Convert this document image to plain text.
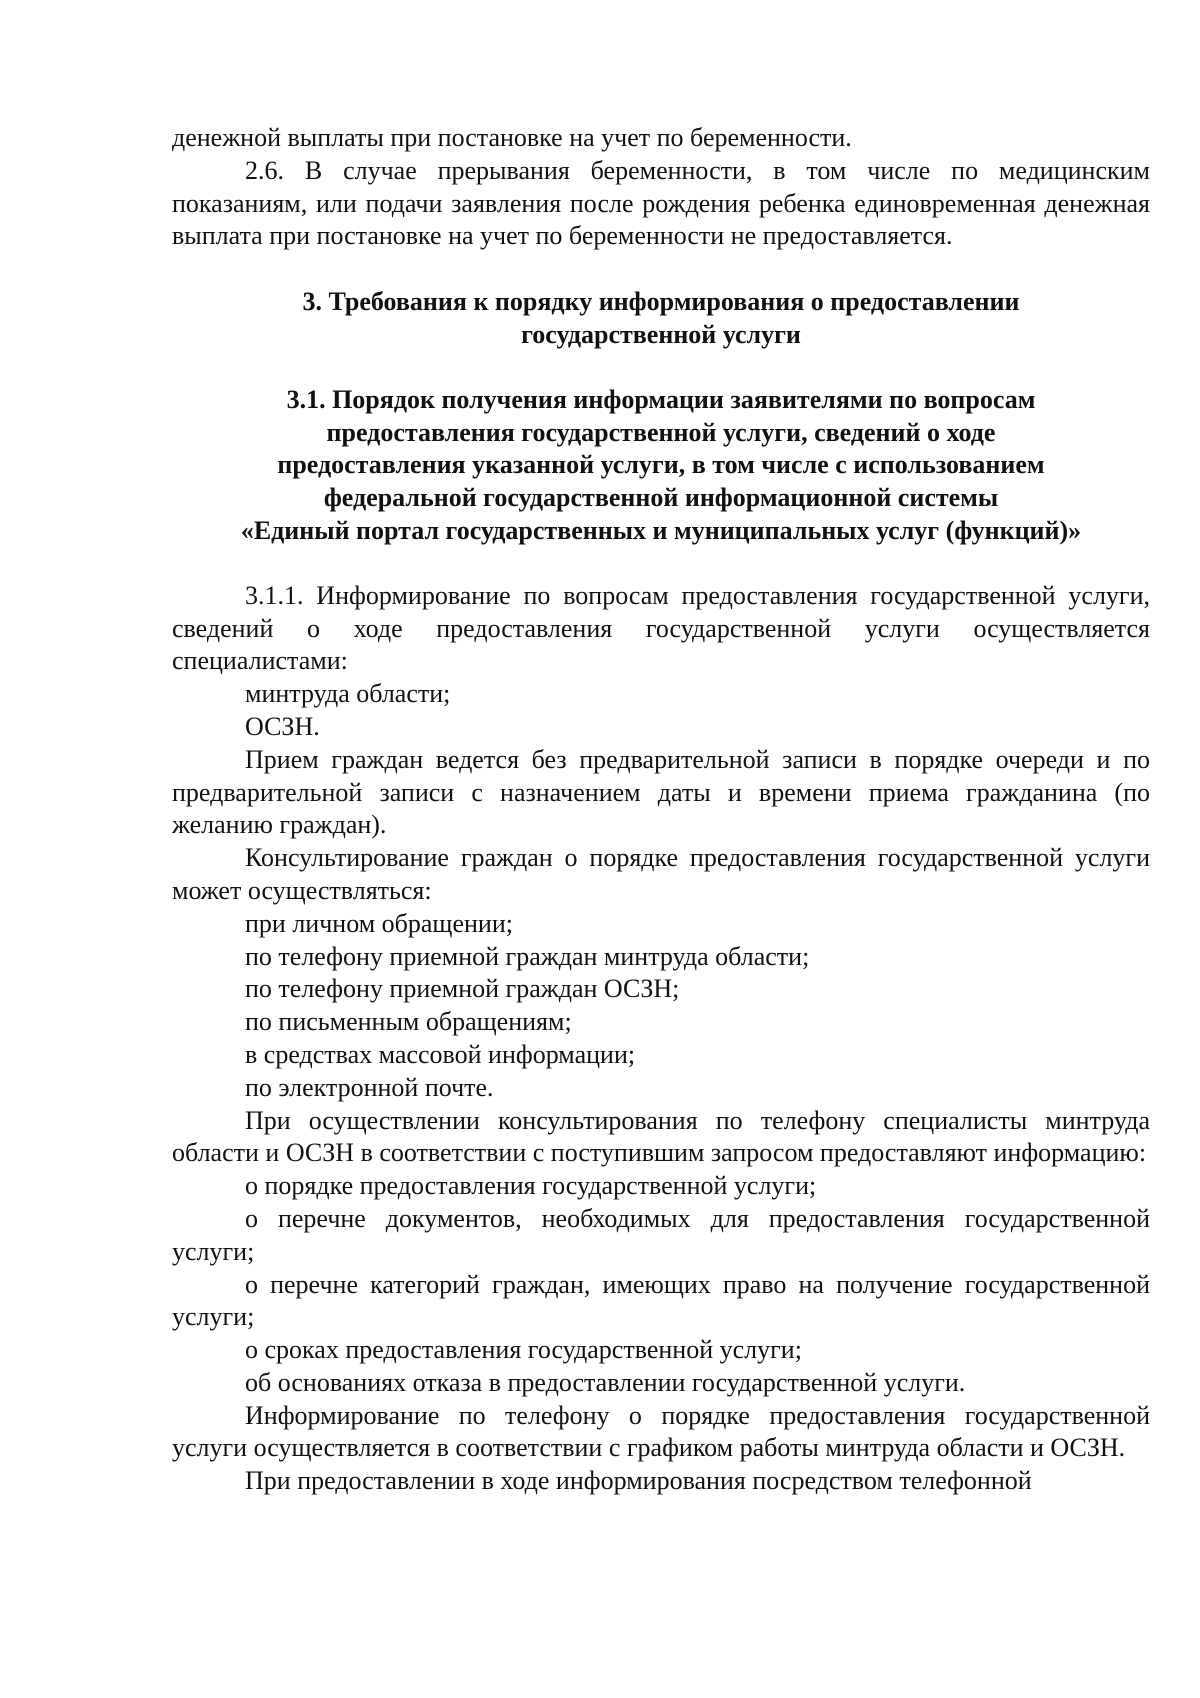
денежной выплаты при постановке на учет по беременности.

2.6. В случае прерывания беременности, в том числе по медицинским показаниям, или подачи заявления после рождения ребенка единовременная денежная выплата при постановке на учет по беременности не предоставляется.

3. Требования к порядку информирования о предоставлении
государственной услуги
3.1. Порядок получения информации заявителями по вопросам
предоставления государственной услуги, сведений о ходе
предоставления указанной услуги, в том числе с использованием
федеральной государственной информационной системы
«Единый портал государственных и муниципальных услуг (функций)»

3.1.1. Информирование по вопросам предоставления государственной услуги, сведений о ходе предоставления государственной услуги осуществляется специалистами:

минтруда области;

ОСЗН.

Прием граждан ведется без предварительной записи в порядке очереди и по предварительной записи с назначением даты и времени приема гражданина (по желанию граждан).

Консультирование граждан о порядке предоставления государственной услуги может осуществляться:

при личном обращении;

по телефону приемной граждан минтруда области;

по телефону приемной граждан ОСЗН;

по письменным обращениям;

в средствах массовой информации;

по электронной почте.

При осуществлении консультирования по телефону специалисты минтруда области и ОСЗН в соответствии с поступившим запросом предоставляют информацию:

о порядке предоставления государственной услуги;

о перечне документов, необходимых для предоставления государственной услуги;

о перечне категорий граждан, имеющих право на получение государственной услуги;

о сроках предоставления государственной услуги;

об основаниях отказа в предоставлении государственной услуги.

Информирование по телефону о порядке предоставления государственной услуги осуществляется в соответствии с графиком работы минтруда области и ОСЗН.

При предоставлении в ходе информирования посредством телефонной
